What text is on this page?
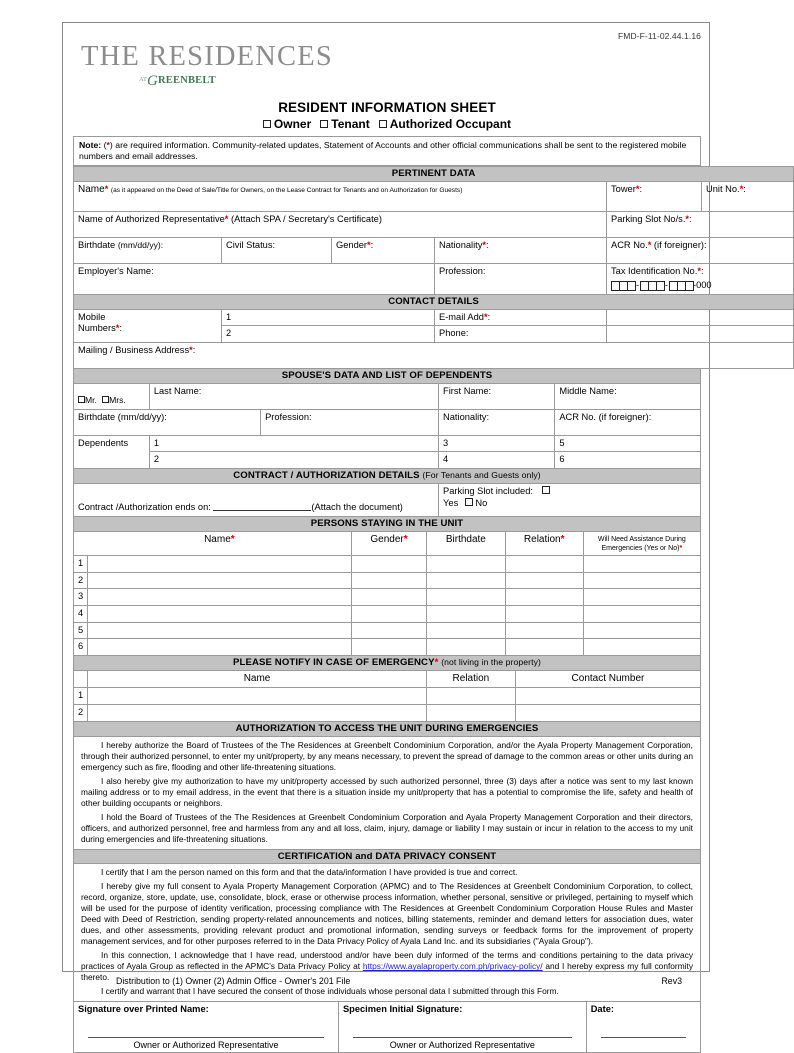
FMD-F-11-02.44.1.16
THE RESIDENCES
$^{AT}$GREENBELT
RESIDENT INFORMATION SHEET
Owner Tenant Authorized Occupant
Note: (*) are required information. Community-related updates, Statement of Accounts and other official communications shall be sent to the registered mobile numbers and email addresses.
PERTINENT DATA					
Name* (as it appeared on the Deed of Sale/Title for Owners, on the Lease Contract for Tenants and on Authorization for Guests)				Tower*:	Unit No.*:
Name of Authorized Representative* (Attach SPA / Secretary's Certificate)				Parking Slot No/s.*:	
Birthdate (mm/dd/yy):	Civil Status:	Gender*:	Nationality*:	ACR No.* (if foreigner):	
Employer's Name:			Profession:	Tax Identification No.*:
- - -000	

CONTACT DETAILS					
Mobile
Numbers*:	1		E-mail Add*:		
	2		Phone:		
Mailing / Business Address*:					
SPOUSE'S DATA AND LIST OF DEPENDENTS				
Mr. Mrs.	Last Name:		First Name:	Middle Name:
Birthdate (mm/dd/yy):		Profession:	Nationality:	ACR No. (if foreigner):
Dependents	1		3	5
	2		4	6
CONTRACT / AUTHORIZATION DETAILS (For Tenants and Guests only)				
Contract /Authorization ends on: (Attach the document)			Parking Slot included:
Yes No	
PERSONS STAYING IN THE UNIT					
	Name*	Gender*	Birthdate	Relation*	Will Need Assistance During
Emergencies (Yes or No)*
1					
2					
3					
4					
5					
6					
PLEASE NOTIFY IN CASE OF EMERGENCY* (not living in the property)			
	Name	Relation	Contact Number
1			
2			
AUTHORIZATION TO ACCESS THE UNIT DURING EMERGENCIES			

I hereby authorize the Board of Trustees of the The Residences at Greenbelt Condominium Corporation, and/or the Ayala Property Management Corporation, through their authorized personnel, to enter my unit/property, by any means necessary, to prevent the spread of damage to the common areas or other units during an emergency such as fire, flooding and other life-threatening situations.

I also hereby give my authorization to have my unit/property accessed by such authorized personnel, three (3) days after a notice was sent to my last known mailing address or to my email address, in the event that there is a situation inside my unit/property that has a potential to compromise the life, safety and health of other building occupants or neighbors.

I hold the Board of Trustees of the The Residences at Greenbelt Condominium Corporation and Ayala Property Management Corporation and their directors, officers, and authorized personnel, free and harmless from any and all loss, claim, injury, damage or liability I may sustain or incur in relation to the access to my unit during emergencies and life-threatening situations.

CERTIFICATION and DATA PRIVACY CONSENT

I certify that I am the person named on this form and that the data/information I have provided is true and correct.

I hereby give my full consent to Ayala Property Management Corporation (APMC) and to The Residences at Greenbelt Condominium Corporation, to collect, record, organize, store, update, use, consolidate, block, erase or otherwise process information, whether personal, sensitive or privileged, pertaining to myself which will be used for the purpose of identity verification, processing compliance with The Residences at Greenbelt Condominium Corporation House Rules and Master Deed with Deed of Restriction, sending property-related announcements and notices, billing statements, reminder and demand letters for association dues, water dues, and other assessments, providing relevant product and promotional information, sending surveys or feedback forms for the improvement of property management services, and for other purposes referred to in the Data Privacy Policy of Ayala Land Inc. and its subsidiaries ("Ayala Group").

In this connection, I acknowledge that I have read, understood and/or have been duly informed of the terms and conditions pertaining to the data privacy practices of Ayala Group as reflected in the APMC's Data Privacy Policy at https://www.ayalaproperty.com.ph/privacy-policy/ and I hereby express my full conformity thereto.

I certify and warrant that I have secured the consent of those individuals whose personal data I submitted through this Form.

Signature over Printed Name:
Owner or Authorized Representative

Specimen Initial Signature:
Owner or Authorized Representative

Date:
Distribution to (1) Owner (2) Admin Office - Owner's 201 File	Rev3
